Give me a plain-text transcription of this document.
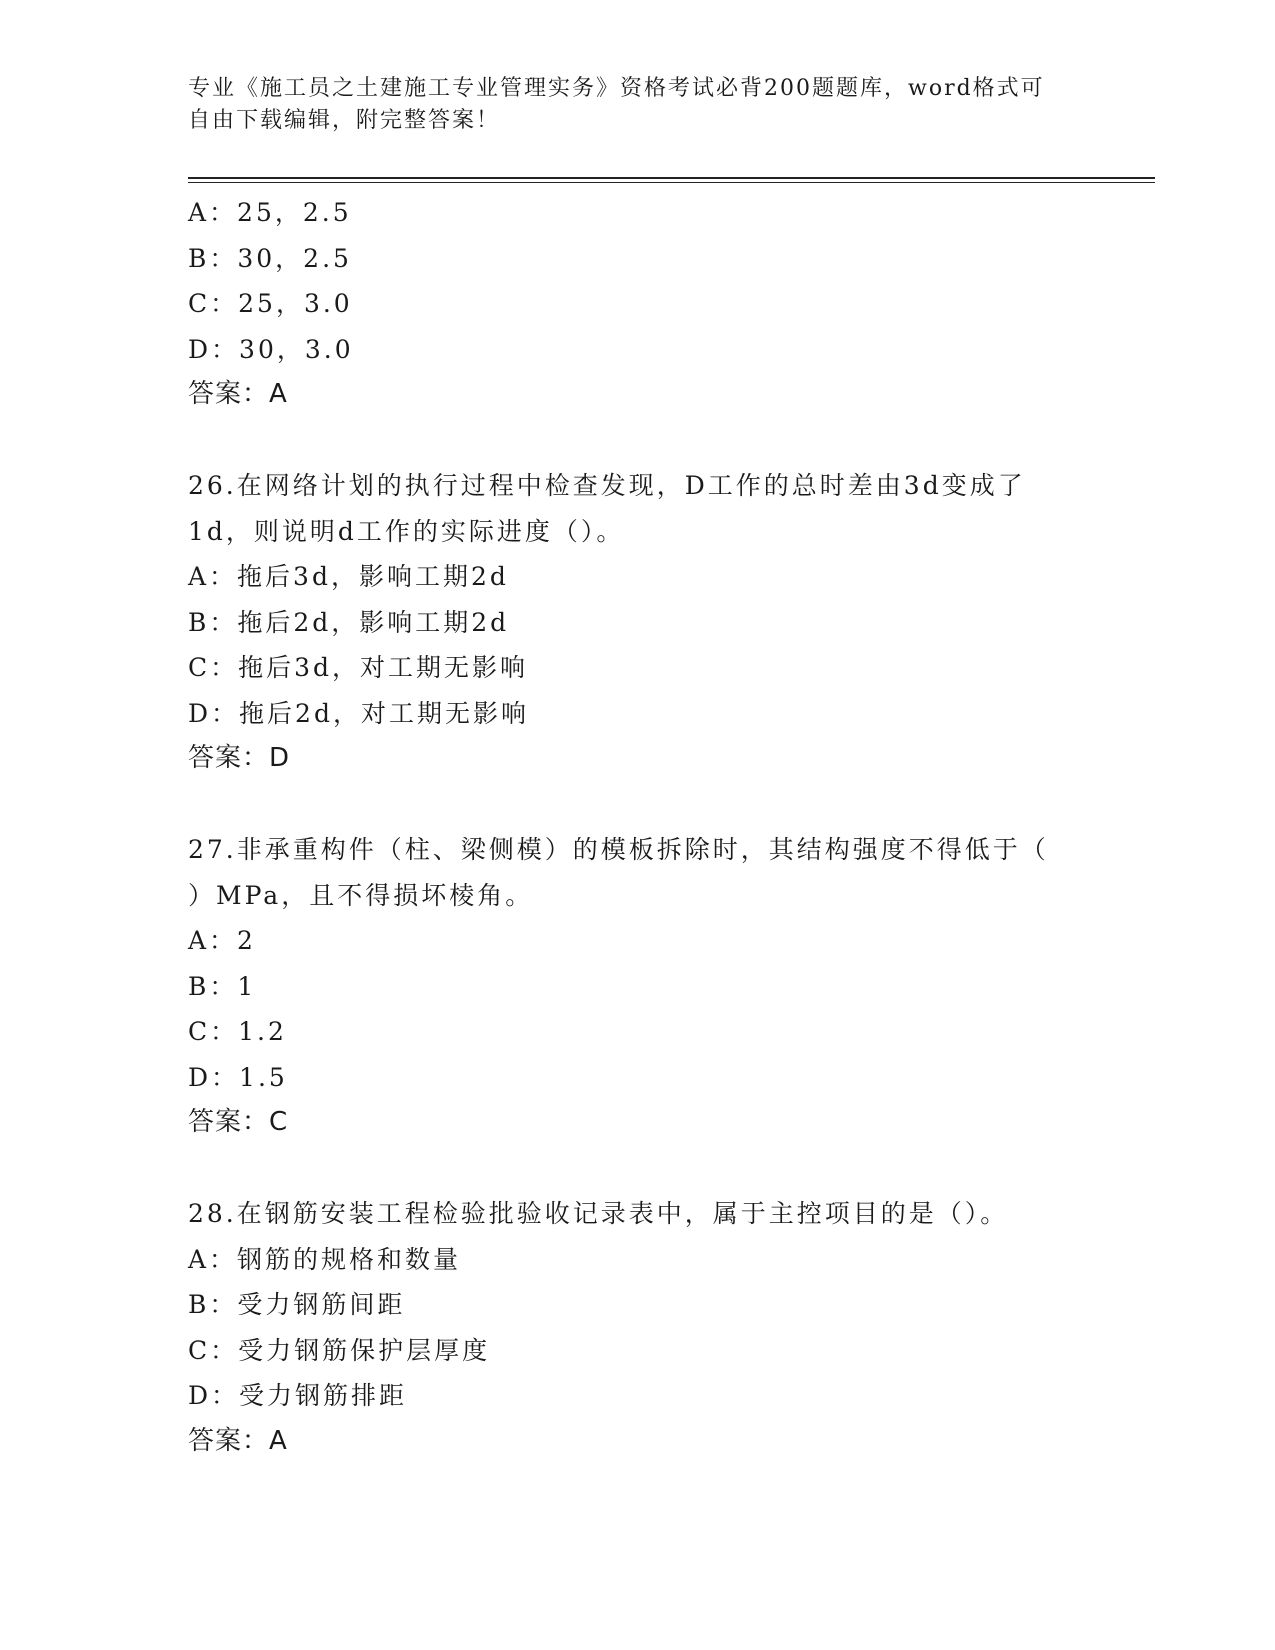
专业《施工员之土建施工专业管理实务》资格考试必背200题题库，word格式可
自由下载编辑，附完整答案！
A：25，2.5
B：30，2.5
C：25，3.0
D：30，3.0
答案：A
26.在网络计划的执行过程中检查发现，D工作的总时差由3d变成了
1d，则说明d工作的实际进度（）。
A：拖后3d，影响工期2d
B：拖后2d，影响工期2d
C：拖后3d，对工期无影响
D：拖后2d，对工期无影响
答案：D
27.非承重构件（柱、梁侧模）的模板拆除时，其结构强度不得低于（
）MPa，且不得损坏棱角。
A：2
B：1
C：1.2
D：1.5
答案：C
28.在钢筋安装工程检验批验收记录表中，属于主控项目的是（）。
A：钢筋的规格和数量
B：受力钢筋间距
C：受力钢筋保护层厚度
D：受力钢筋排距
答案：A
